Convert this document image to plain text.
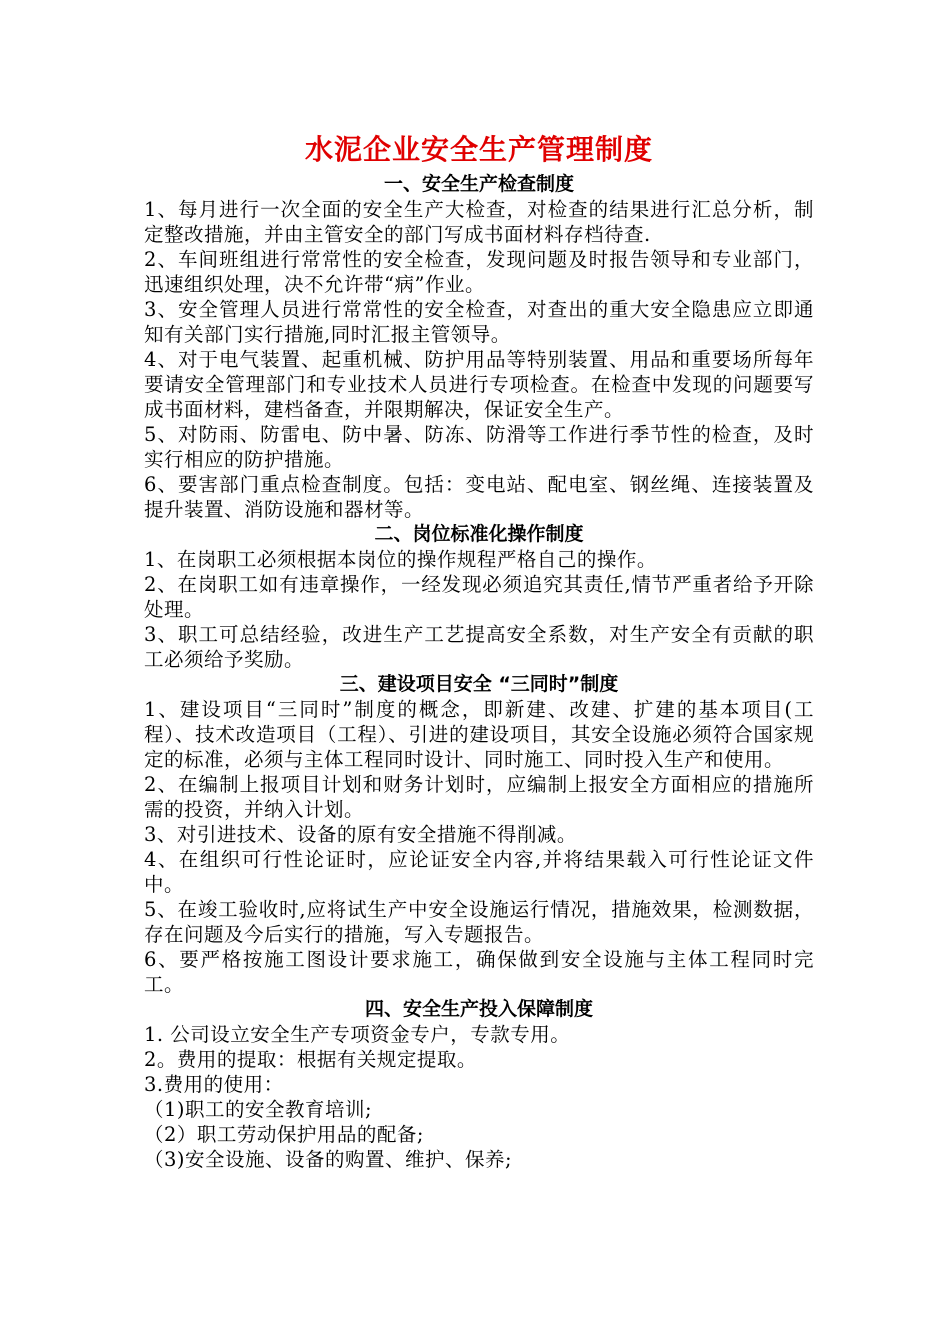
水泥企业安全生产管理制度
一、安全生产检查制度

1、每月进行一次全面的安全生产大检查，对检查的结果进行汇总分析，制定整改措施，并由主管安全的部门写成书面材料存档待查.

2、车间班组进行常常性的安全检查，发现问题及时报告领导和专业部门，迅速组织处理，决不允许带“病”作业。

3、安全管理人员进行常常性的安全检查，对查出的重大安全隐患应立即通知有关部门实行措施,同时汇报主管领导。

4、对于电气装置、起重机械、防护用品等特别装置、用品和重要场所每年要请安全管理部门和专业技术人员进行专项检查。在检查中发现的问题要写成书面材料，建档备查，并限期解决，保证安全生产。

5、对防雨、防雷电、防中暑、防冻、防滑等工作进行季节性的检查，及时实行相应的防护措施。

6、要害部门重点检查制度。包括：变电站、配电室、钢丝绳、连接装置及提升装置、消防设施和器材等。

二、岗位标准化操作制度

1、在岗职工必须根据本岗位的操作规程严格自己的操作。

2、在岗职工如有违章操作，一经发现必须追究其责任,情节严重者给予开除处理。

3、职工可总结经验，改进生产工艺提高安全系数，对生产安全有贡献的职工必须给予奖励。

三、建设项目安全 “三同时”制度

1、建设项目“三同时”制度的概念，即新建、改建、扩建的基本项目(工程）、技术改造项目（工程）、引进的建设项目，其安全设施必须符合国家规定的标准，必须与主体工程同时设计、同时施工、同时投入生产和使用。

2、在编制上报项目计划和财务计划时，应编制上报安全方面相应的措施所需的投资，并纳入计划。

3、对引进技术、设备的原有安全措施不得削减。

4、在组织可行性论证时，应论证安全内容,并将结果载入可行性论证文件中。

5、在竣工验收时,应将试生产中安全设施运行情况，措施效果，检测数据，存在问题及今后实行的措施，写入专题报告。

6、要严格按施工图设计要求施工，确保做到安全设施与主体工程同时完工。

四、安全生产投入保障制度

1. 公司设立安全生产专项资金专户，专款专用。

2。费用的提取：根据有关规定提取。

3.费用的使用：

（1)职工的安全教育培训;

（2）职工劳动保护用品的配备;

（3)安全设施、设备的购置、维护、保养;
